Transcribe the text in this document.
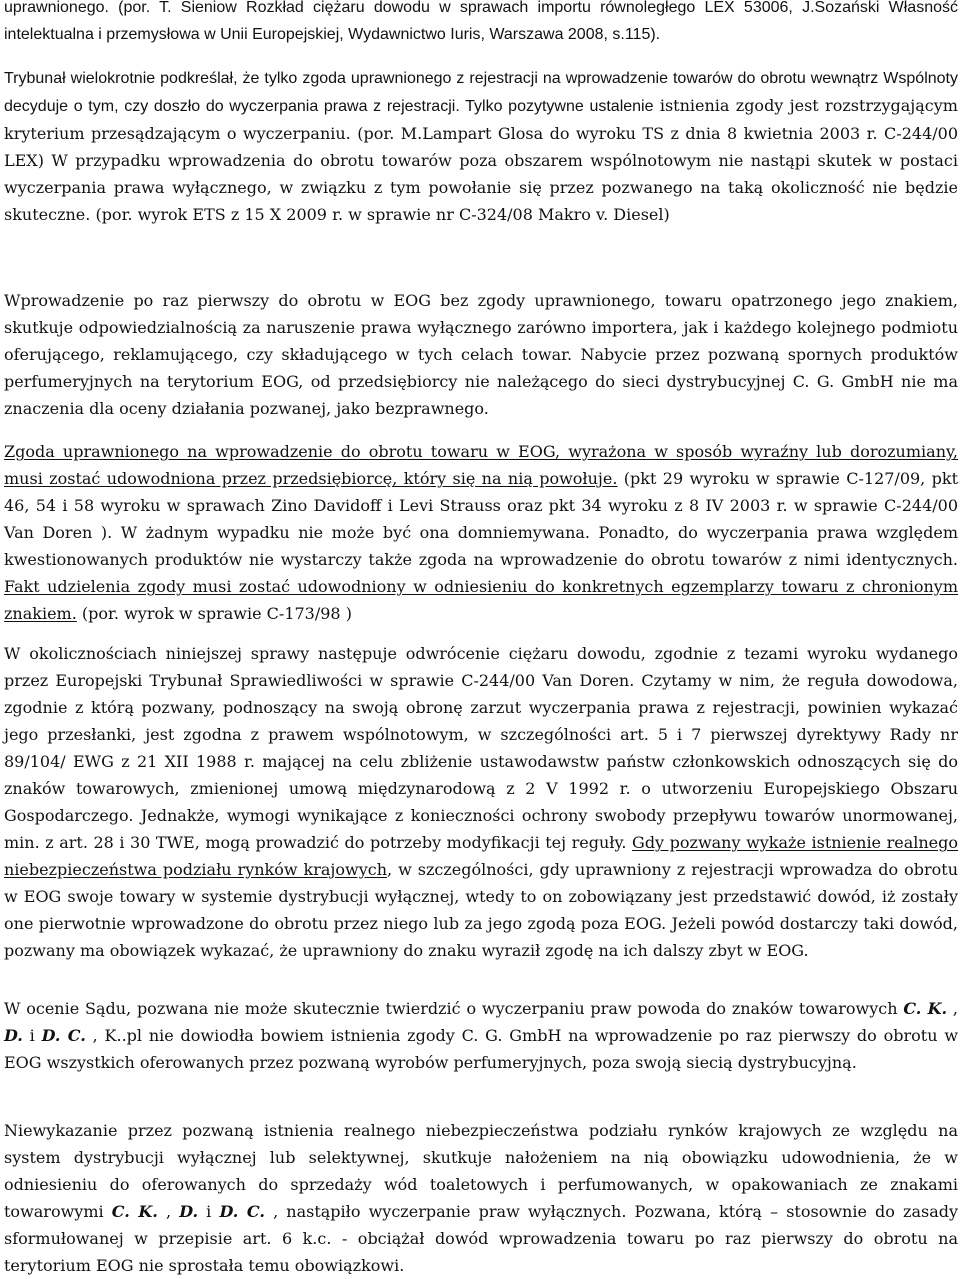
uprawnionego. (por. T. Sieniow Rozkład ciężaru dowodu w sprawach importu równoległego LEX 53006, J.Sozański Własność intelektualna i przemysłowa w Unii Europejskiej, Wydawnictwo Iuris, Warszawa 2008, s.115).

Trybunał wielokrotnie podkreślał, że tylko zgoda uprawnionego z rejestracji na wprowadzenie towarów do obrotu wewnątrz Wspólnoty decyduje o tym, czy doszło do wyczerpania prawa z rejestracji. Tylko pozytywne ustalenie istnienia zgody jest rozstrzygającym kryterium przesądzającym o wyczerpaniu. (por. M.Lampart Glosa do wyroku TS z dnia 8 kwietnia 2003 r. C-244/00 LEX) W przypadku wprowadzenia do obrotu towarów poza obszarem wspólnotowym nie nastąpi skutek w postaci wyczerpania prawa wyłącznego, w związku z tym powołanie się przez pozwanego na taką okoliczność nie będzie skuteczne. (por. wyrok ETS z 15 X 2009 r. w sprawie nr C-324/08 Makro v. Diesel)

Wprowadzenie po raz pierwszy do obrotu w EOG bez zgody uprawnionego, towaru opatrzonego jego znakiem, skutkuje odpowiedzialnością za naruszenie prawa wyłącznego zarówno importera, jak i każdego kolejnego podmiotu oferującego, reklamującego, czy składującego w tych celach towar. Nabycie przez pozwaną spornych produktów perfumeryjnych na terytorium EOG, od przedsiębiorcy nie należącego do sieci dystrybucyjnej C. G. GmbH nie ma znaczenia dla oceny działania pozwanej, jako bezprawnego.

Zgoda uprawnionego na wprowadzenie do obrotu towaru w EOG, wyrażona w sposób wyraźny lub dorozumiany, musi zostać udowodniona przez przedsiębiorcę, który się na nią powołuje. (pkt 29 wyroku w sprawie C-127/09, pkt 46, 54 i 58 wyroku w sprawach Zino Davidoff i Levi Strauss oraz pkt 34 wyroku z 8 IV 2003 r. w sprawie C-244/00 Van Doren ). W żadnym wypadku nie może być ona domniemywana. Ponadto, do wyczerpania prawa względem kwestionowanych produktów nie wystarczy także zgoda na wprowadzenie do obrotu towarów z nimi identycznych. Fakt udzielenia zgody musi zostać udowodniony w odniesieniu do konkretnych egzemplarzy towaru z chronionym znakiem. (por. wyrok w sprawie C-173/98 )

W okolicznościach niniejszej sprawy następuje odwrócenie ciężaru dowodu, zgodnie z tezami wyroku wydanego przez Europejski Trybunał Sprawiedliwości w sprawie C-244/00 Van Doren. Czytamy w nim, że reguła dowodowa, zgodnie z którą pozwany, podnoszący na swoją obronę zarzut wyczerpania prawa z rejestracji, powinien wykazać jego przesłanki, jest zgodna z prawem wspólnotowym, w szczególności art. 5 i 7 pierwszej dyrektywy Rady nr 89/104/ EWG z 21 XII 1988 r. mającej na celu zbliżenie ustawodawstw państw członkowskich odnoszących się do znaków towarowych, zmienionej umową międzynarodową z 2 V 1992 r. o utworzeniu Europejskiego Obszaru Gospodarczego. Jednakże, wymogi wynikające z konieczności ochrony swobody przepływu towarów unormowanej, min. z art. 28 i 30 TWE, mogą prowadzić do potrzeby modyfikacji tej reguły. Gdy pozwany wykaże istnienie realnego niebezpieczeństwa podziału rynków krajowych, w szczególności, gdy uprawniony z rejestracji wprowadza do obrotu w EOG swoje towary w systemie dystrybucji wyłącznej, wtedy to on zobowiązany jest przedstawić dowód, iż zostały one pierwotnie wprowadzone do obrotu przez niego lub za jego zgodą poza EOG. Jeżeli powód dostarczy taki dowód, pozwany ma obowiązek wykazać, że uprawniony do znaku wyraził zgodę na ich dalszy zbyt w EOG.

W ocenie Sądu, pozwana nie może skutecznie twierdzić o wyczerpaniu praw powoda do znaków towarowych C. K. , D. i D. C. , K..pl nie dowiodła bowiem istnienia zgody C. G. GmbH na wprowadzenie po raz pierwszy do obrotu w EOG wszystkich oferowanych przez pozwaną wyrobów perfumeryjnych, poza swoją siecią dystrybucyjną.

Niewykazanie przez pozwaną istnienia realnego niebezpieczeństwa podziału rynków krajowych ze względu na system dystrybucji wyłącznej lub selektywnej, skutkuje nałożeniem na nią obowiązku udowodnienia, że w odniesieniu do oferowanych do sprzedaży wód toaletowych i perfumowanych, w opakowaniach ze znakami towarowymi C. K. , D. i D. C. , nastąpiło wyczerpanie praw wyłącznych. Pozwana, którą – stosownie do zasady sformułowanej w przepisie art. 6 k.c. - obciążał dowód wprowadzenia towaru po raz pierwszy do obrotu na terytorium EOG nie sprostała temu obowiązkowi.
